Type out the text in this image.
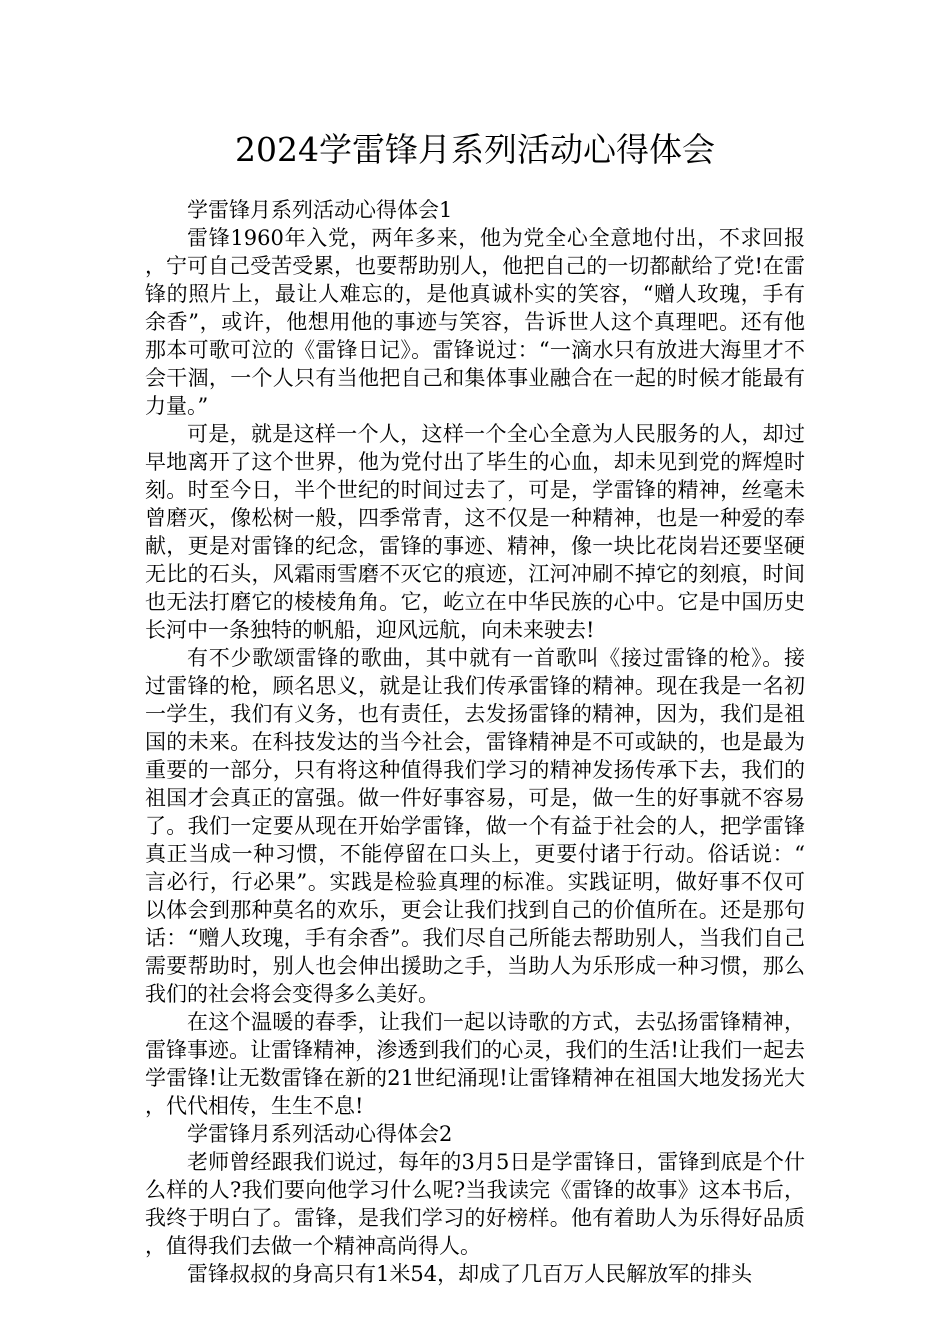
2024学雷锋月系列活动心得体会

学雷锋月系列活动心得体会1

雷锋1960年入党，两年多来，他为党全心全意地付出，不求回报，宁可自己受苦受累，也要帮助别人，他把自己的一切都献给了党!在雷锋的照片上，最让人难忘的，是他真诚朴实的笑容，“赠人玫瑰，手有余香”，或许，他想用他的事迹与笑容，告诉世人这个真理吧。还有他那本可歌可泣的《雷锋日记》。雷锋说过：“一滴水只有放进大海里才不会干涸，一个人只有当他把自己和集体事业融合在一起的时候才能最有力量。”

可是，就是这样一个人，这样一个全心全意为人民服务的人，却过早地离开了这个世界，他为党付出了毕生的心血，却未见到党的辉煌时刻。时至今日，半个世纪的时间过去了，可是，学雷锋的精神，丝毫未曾磨灭，像松树一般，四季常青，这不仅是一种精神，也是一种爱的奉献，更是对雷锋的纪念，雷锋的事迹、精神，像一块比花岗岩还要坚硬无比的石头，风霜雨雪磨不灭它的痕迹，江河冲刷不掉它的刻痕，时间也无法打磨它的棱棱角角。它，屹立在中华民族的心中。它是中国历史长河中一条独特的帆船，迎风远航，向未来驶去!

有不少歌颂雷锋的歌曲，其中就有一首歌叫《接过雷锋的枪》。接过雷锋的枪，顾名思义，就是让我们传承雷锋的精神。现在我是一名初一学生，我们有义务，也有责任，去发扬雷锋的精神，因为，我们是祖国的未来。在科技发达的当今社会，雷锋精神是不可或缺的，也是最为重要的一部分，只有将这种值得我们学习的精神发扬传承下去，我们的祖国才会真正的富强。做一件好事容易，可是，做一生的好事就不容易了。我们一定要从现在开始学雷锋，做一个有益于社会的人，把学雷锋真正当成一种习惯，不能停留在口头上，更要付诸于行动。俗话说：“言必行，行必果”。实践是检验真理的标准。实践证明，做好事不仅可以体会到那种莫名的欢乐，更会让我们找到自己的价值所在。还是那句话：“赠人玫瑰，手有余香”。我们尽自己所能去帮助别人，当我们自己需要帮助时，别人也会伸出援助之手，当助人为乐形成一种习惯，那么我们的社会将会变得多么美好。

在这个温暖的春季，让我们一起以诗歌的方式，去弘扬雷锋精神，雷锋事迹。让雷锋精神，渗透到我们的心灵，我们的生活!让我们一起去学雷锋!让无数雷锋在新的21世纪涌现!让雷锋精神在祖国大地发扬光大，代代相传，生生不息!

学雷锋月系列活动心得体会2

老师曾经跟我们说过，每年的3月5日是学雷锋日，雷锋到底是个什么样的人?我们要向他学习什么呢?当我读完《雷锋的故事》这本书后，我终于明白了。雷锋，是我们学习的好榜样。他有着助人为乐得好品质，值得我们去做一个精神高尚得人。

雷锋叔叔的身高只有1米54，却成了几百万人民解放军的排头
